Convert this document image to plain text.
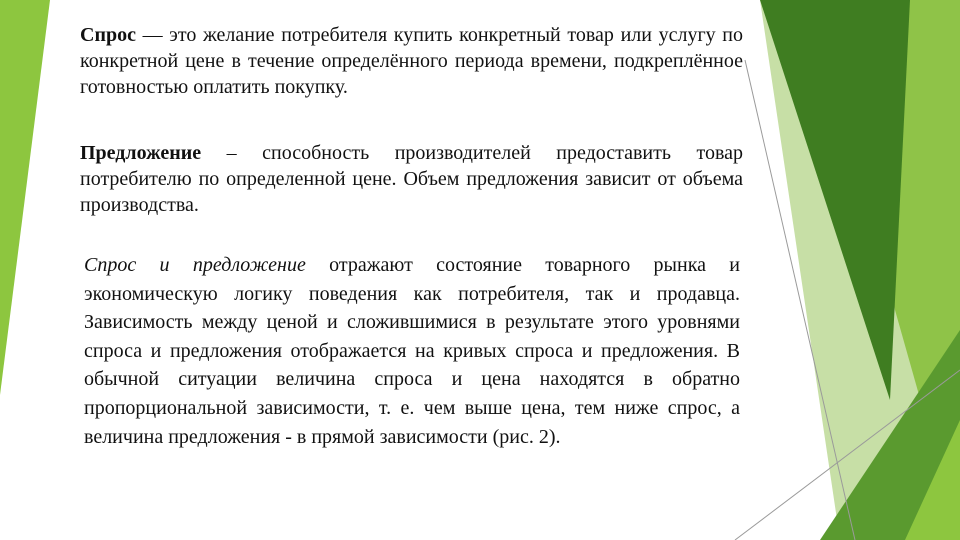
Спрос — это желание потребителя купить конкретный товар или услугу по конкретной цене в течение определённого периода времени, подкреплённое готовностью оплатить покупку.

Предложение – способность производителей предоставить товар потребителю по определенной цене. Объем предложения зависит от объема производства.

Спрос и предложение отражают состояние товарного рынка и экономическую логику поведения как потребителя, так и продавца. Зависимость между ценой и сложившимися в результате этого уровнями спроса и предложения отображается на кривых спроса и предложения. В обычной ситуации величина спроса и цена находятся в обратно пропорциональной зависимости, т. е. чем выше цена, тем ниже спрос, а величина предложения - в прямой зависимости (рис. 2).
